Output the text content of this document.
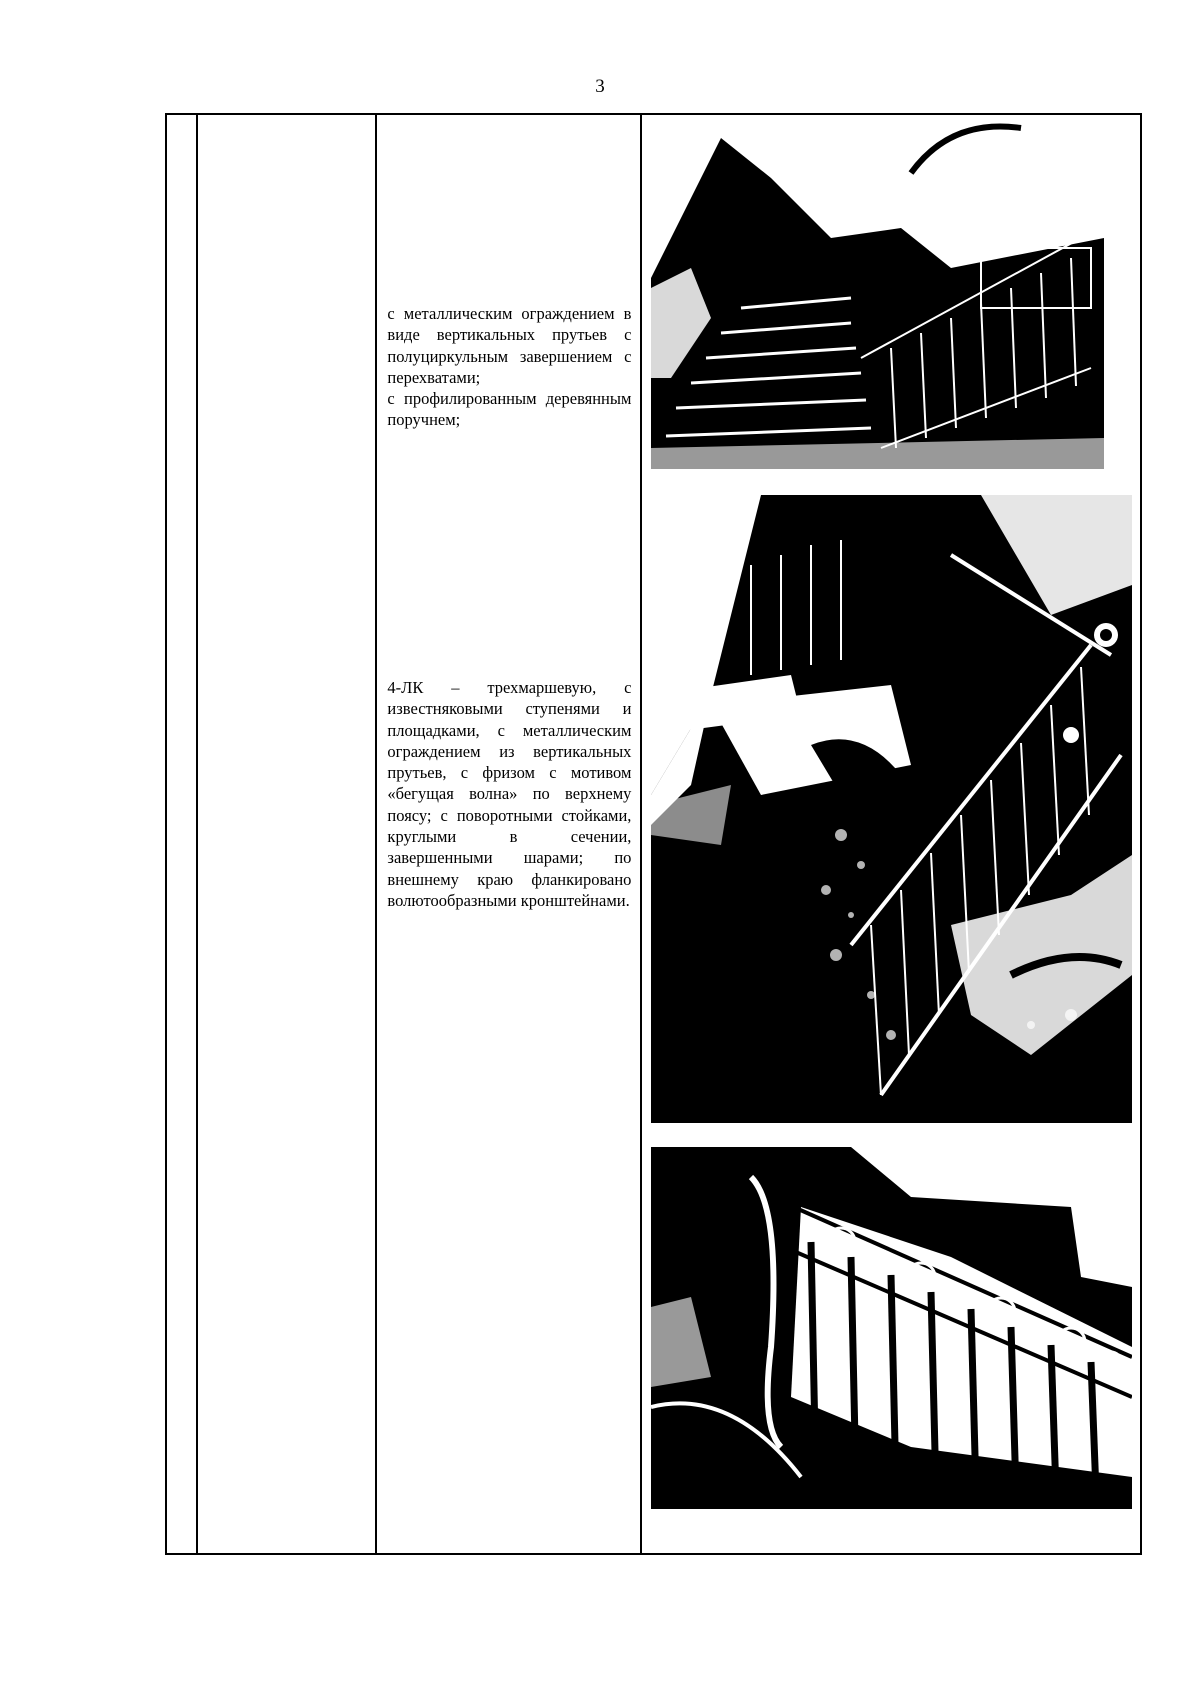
3

с металлическим ограждением в виде вертикальных прутьев с полуциркульным завершением с перехватами;
с профилированным деревянным поручнем;
4-ЛК – трехмаршевую, с известняковыми ступенями и площадками, с металлическим ограждением из вертикальных прутьев, с фризом с мотивом «бегущая волна» по верхнему поясу; с поворотными стойками, круглыми в сечении, завершенными шарами; по внешнему краю фланкировано волютообразными кронштейнами.
